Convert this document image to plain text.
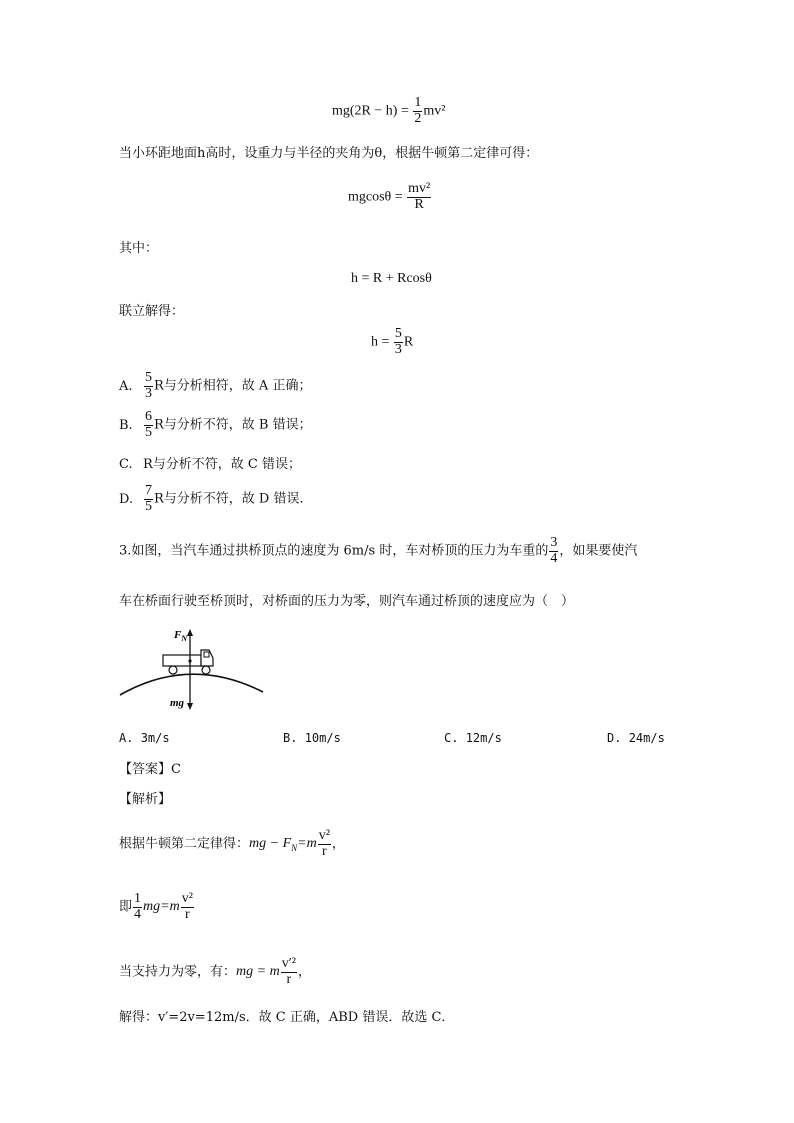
$mg(2R - h) = \frac{1}{2} mv^2$
当小环距地面h高时，设重力与半径的夹角为θ，根据牛顿第二定律可得：
$mgcos\theta = \frac{\text{mv²}}{R}$
其中：
h = R + Rcosθ
联立解得：
$h = \frac{5}{3}$ R
A. $\frac{5}{3}$ R与分析相符，故 A 正确；
B. $\frac{6}{5}$ R与分析不符，故 B 错误；
C. R与分析不符，故 C 错误；
D. $\frac{7}{5}$ R与分析不符，故 D 错误．
3.如图，当汽车通过拱桥顶点的速度为 6m/s 时，车对桥顶的压力为车重的 $\frac{3}{4}$ ，如果要使汽
车在桥面行驶至桥顶时，对桥面的压力为零，则汽车通过桥顶的速度应为（　）
$F_N$
mg
A. 3m/s	B. 10m/s	C. 12m/s	D. 24m/s
【答案】C
【解析】
根据牛顿第二定律得：mg − $F_N=m \frac{\text{v²}}{r}$ ，
即 $\frac{1}{4} mg=m \frac{\text{v²}}{r}$
当支持力为零，有：mg = m $\frac{\text{v′²}}{r}$ ，
解得：v′=2v=12m/s．故 C 正确，ABD 错误．故选 C．
